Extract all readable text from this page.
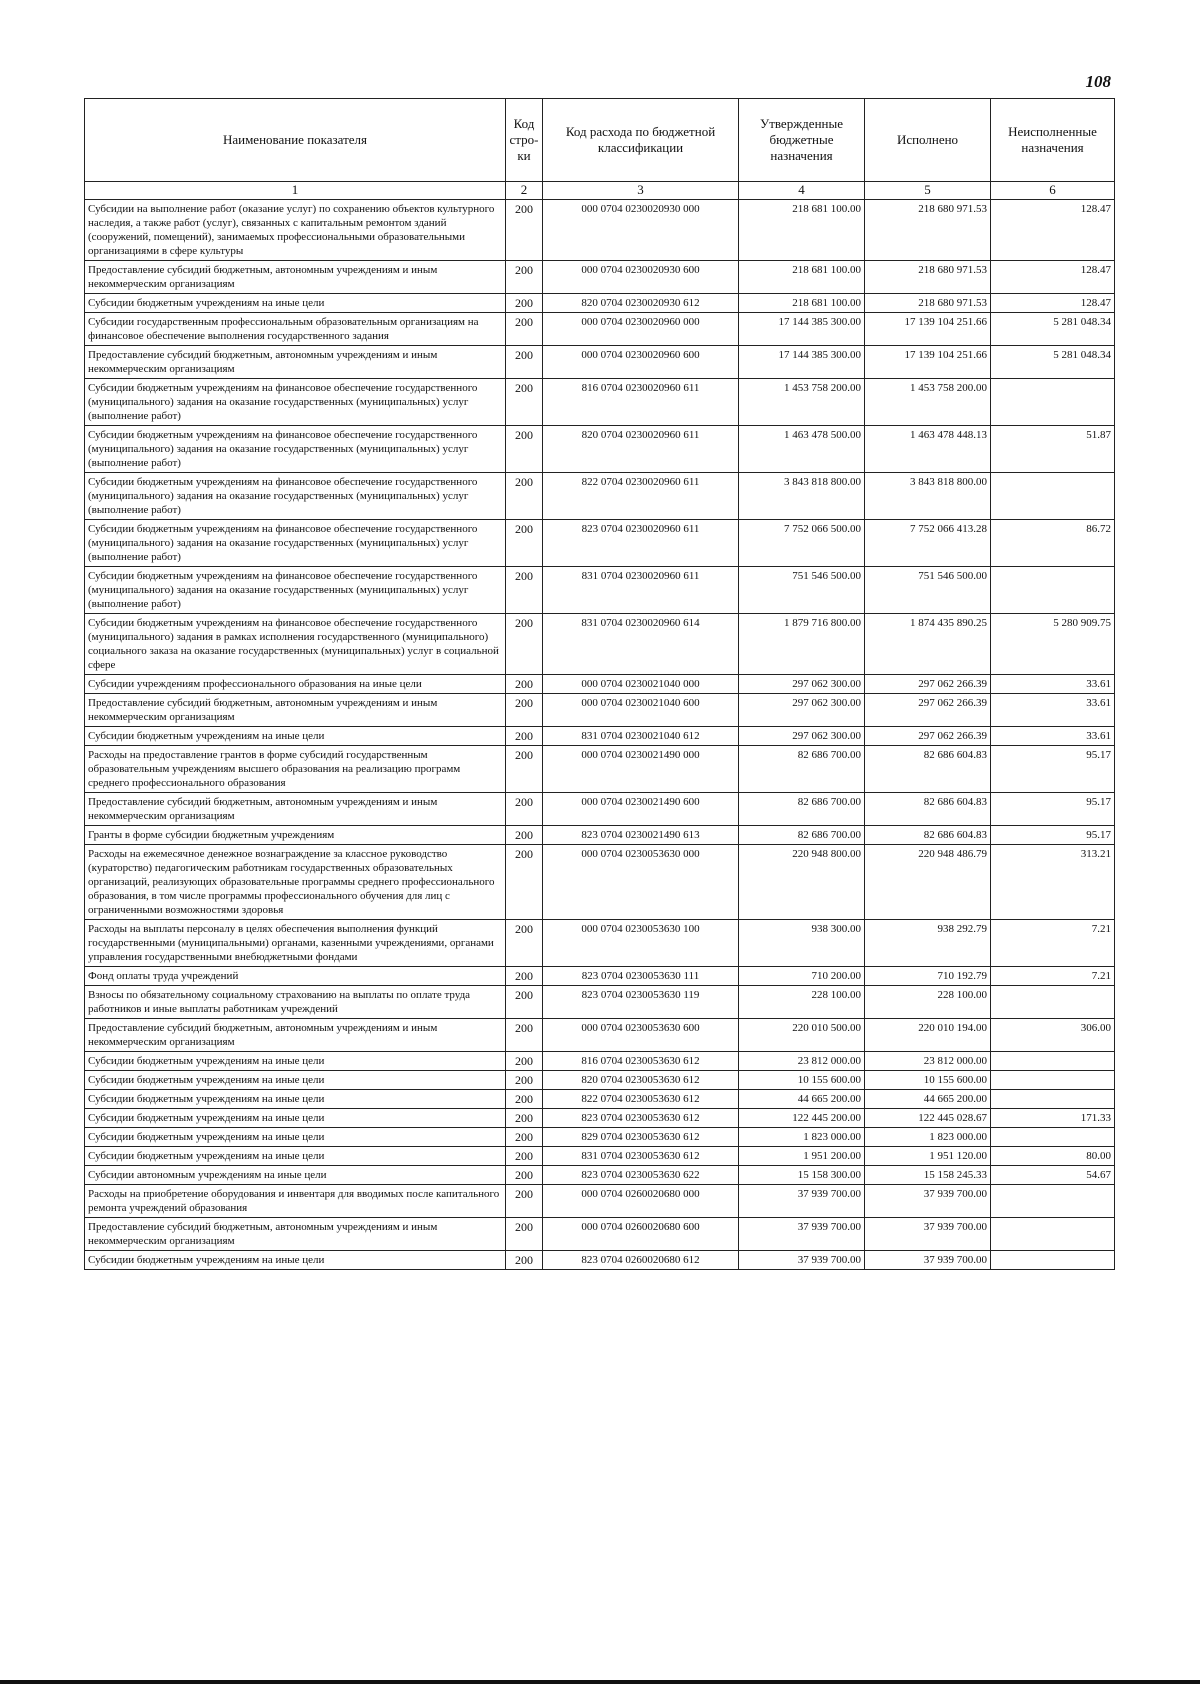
108
Наименование показателя	Код стро-ки	Код расхода по бюджетной классификации	Утвержденные бюджетные назначения	Исполнено	Неисполненные назначения
1	2	3	4	5	6
Субсидии на выполнение работ (оказание услуг) по сохранению объектов культурного наследия, а также работ (услуг), связанных с капитальным ремонтом зданий (сооружений, помещений), занимаемых профессиональными образовательными организациями в сфере культуры	200	000 0704 0230020930 000	218 681 100.00	218 680 971.53	128.47
Предоставление субсидий бюджетным, автономным учреждениям и иным некоммерческим организациям	200	000 0704 0230020930 600	218 681 100.00	218 680 971.53	128.47
Субсидии бюджетным учреждениям на иные цели	200	820 0704 0230020930 612	218 681 100.00	218 680 971.53	128.47
Субсидии государственным профессиональным образовательным организациям на финансовое обеспечение выполнения государственного задания	200	000 0704 0230020960 000	17 144 385 300.00	17 139 104 251.66	5 281 048.34
Предоставление субсидий бюджетным, автономным учреждениям и иным некоммерческим организациям	200	000 0704 0230020960 600	17 144 385 300.00	17 139 104 251.66	5 281 048.34
Субсидии бюджетным учреждениям на финансовое обеспечение государственного (муниципального) задания на оказание государственных (муниципальных) услуг (выполнение работ)	200	816 0704 0230020960 611	1 453 758 200.00	1 453 758 200.00	
Субсидии бюджетным учреждениям на финансовое обеспечение государственного (муниципального) задания на оказание государственных (муниципальных) услуг (выполнение работ)	200	820 0704 0230020960 611	1 463 478 500.00	1 463 478 448.13	51.87
Субсидии бюджетным учреждениям на финансовое обеспечение государственного (муниципального) задания на оказание государственных (муниципальных) услуг (выполнение работ)	200	822 0704 0230020960 611	3 843 818 800.00	3 843 818 800.00	
Субсидии бюджетным учреждениям на финансовое обеспечение государственного (муниципального) задания на оказание государственных (муниципальных) услуг (выполнение работ)	200	823 0704 0230020960 611	7 752 066 500.00	7 752 066 413.28	86.72
Субсидии бюджетным учреждениям на финансовое обеспечение государственного (муниципального) задания на оказание государственных (муниципальных) услуг (выполнение работ)	200	831 0704 0230020960 611	751 546 500.00	751 546 500.00	
Субсидии бюджетным учреждениям на финансовое обеспечение государственного (муниципального) задания в рамках исполнения государственного (муниципального) социального заказа на оказание государственных (муниципальных) услуг в социальной сфере	200	831 0704 0230020960 614	1 879 716 800.00	1 874 435 890.25	5 280 909.75
Субсидии учреждениям профессионального образования на иные цели	200	000 0704 0230021040 000	297 062 300.00	297 062 266.39	33.61
Предоставление субсидий бюджетным, автономным учреждениям и иным некоммерческим организациям	200	000 0704 0230021040 600	297 062 300.00	297 062 266.39	33.61
Субсидии бюджетным учреждениям на иные цели	200	831 0704 0230021040 612	297 062 300.00	297 062 266.39	33.61
Расходы на предоставление грантов в форме субсидий государственным образовательным учреждениям высшего образования на реализацию программ среднего профессионального образования	200	000 0704 0230021490 000	82 686 700.00	82 686 604.83	95.17
Предоставление субсидий бюджетным, автономным учреждениям и иным некоммерческим организациям	200	000 0704 0230021490 600	82 686 700.00	82 686 604.83	95.17
Гранты в форме субсидии бюджетным учреждениям	200	823 0704 0230021490 613	82 686 700.00	82 686 604.83	95.17
Расходы на ежемесячное денежное вознаграждение за классное руководство (кураторство) педагогическим работникам государственных образовательных организаций, реализующих образовательные программы среднего профессионального образования, в том числе программы профессионального обучения для лиц с ограниченными возможностями здоровья	200	000 0704 0230053630 000	220 948 800.00	220 948 486.79	313.21
Расходы на выплаты персоналу в целях обеспечения выполнения функций государственными (муниципальными) органами, казенными учреждениями, органами управления государственными внебюджетными фондами	200	000 0704 0230053630 100	938 300.00	938 292.79	7.21
Фонд оплаты труда учреждений	200	823 0704 0230053630 111	710 200.00	710 192.79	7.21
Взносы по обязательному социальному страхованию на выплаты по оплате труда работников и иные выплаты работникам учреждений	200	823 0704 0230053630 119	228 100.00	228 100.00	
Предоставление субсидий бюджетным, автономным учреждениям и иным некоммерческим организациям	200	000 0704 0230053630 600	220 010 500.00	220 010 194.00	306.00
Субсидии бюджетным учреждениям на иные цели	200	816 0704 0230053630 612	23 812 000.00	23 812 000.00	
Субсидии бюджетным учреждениям на иные цели	200	820 0704 0230053630 612	10 155 600.00	10 155 600.00	
Субсидии бюджетным учреждениям на иные цели	200	822 0704 0230053630 612	44 665 200.00	44 665 200.00	
Субсидии бюджетным учреждениям на иные цели	200	823 0704 0230053630 612	122 445 200.00	122 445 028.67	171.33
Субсидии бюджетным учреждениям на иные цели	200	829 0704 0230053630 612	1 823 000.00	1 823 000.00	
Субсидии бюджетным учреждениям на иные цели	200	831 0704 0230053630 612	1 951 200.00	1 951 120.00	80.00
Субсидии автономным учреждениям на иные цели	200	823 0704 0230053630 622	15 158 300.00	15 158 245.33	54.67
Расходы на приобретение оборудования и инвентаря для вводимых после капитального ремонта учреждений образования	200	000 0704 0260020680 000	37 939 700.00	37 939 700.00	
Предоставление субсидий бюджетным, автономным учреждениям и иным некоммерческим организациям	200	000 0704 0260020680 600	37 939 700.00	37 939 700.00	
Субсидии бюджетным учреждениям на иные цели	200	823 0704 0260020680 612	37 939 700.00	37 939 700.00	
